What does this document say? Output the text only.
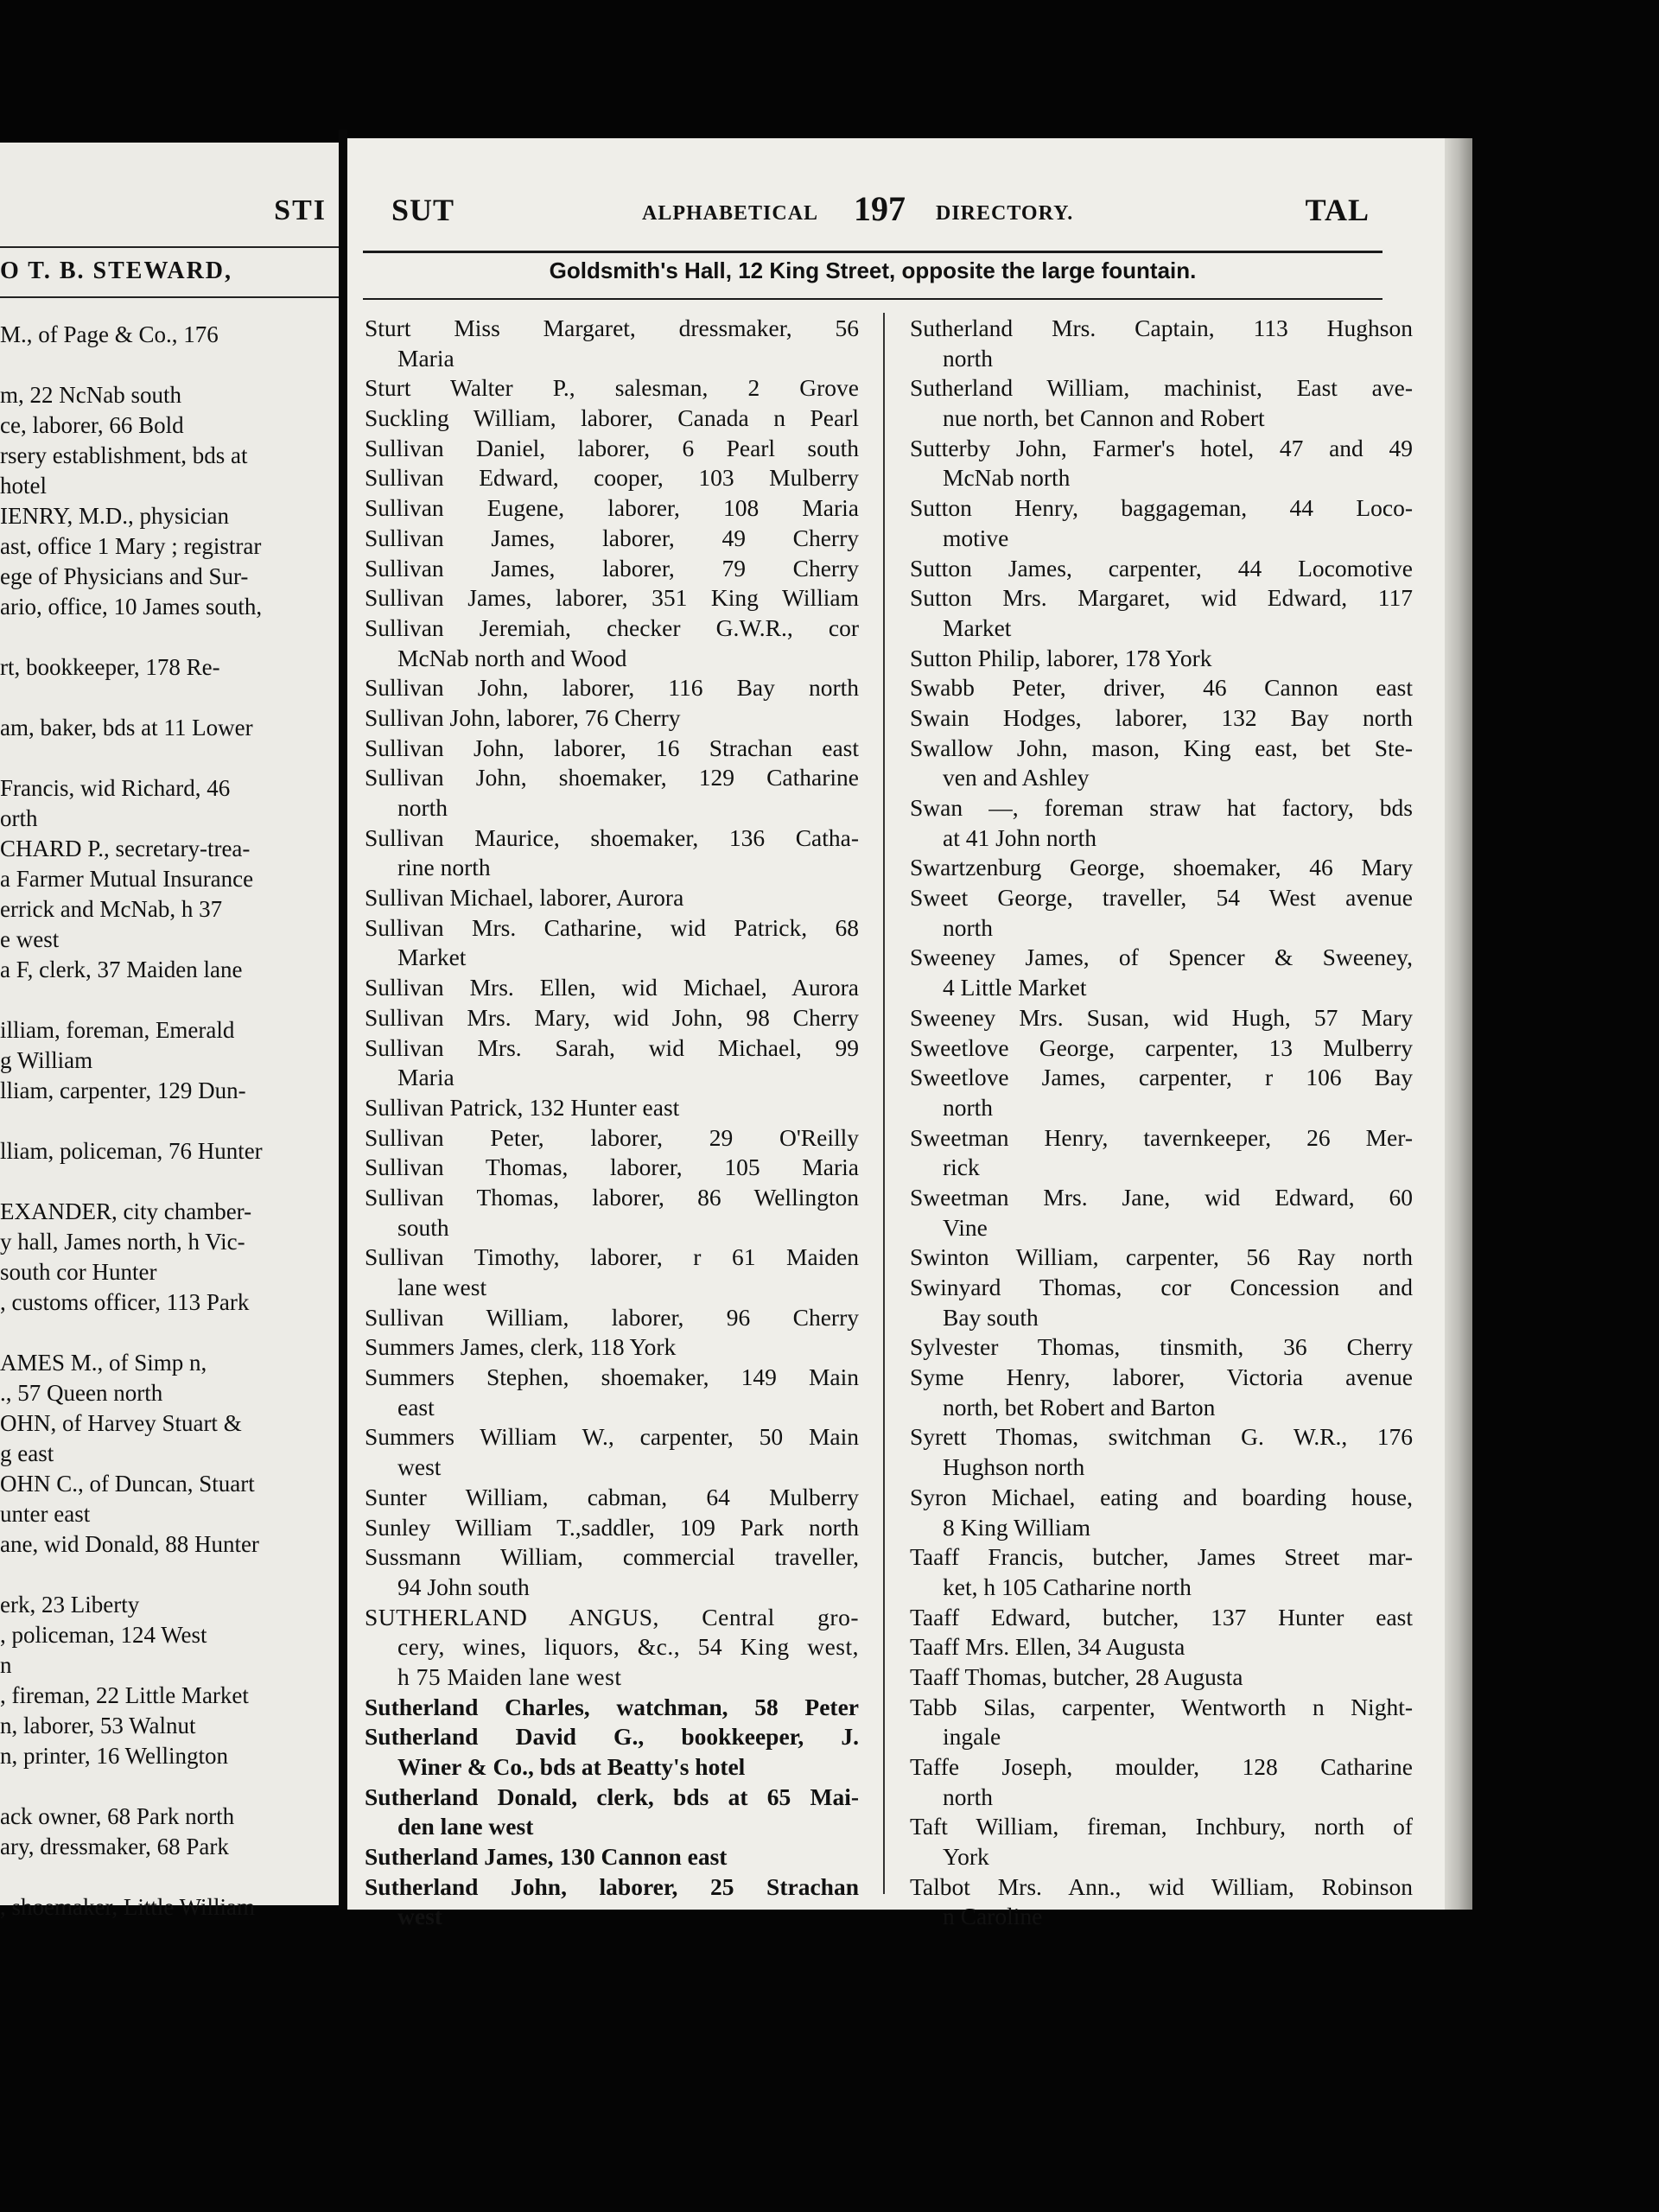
STI
O T. B. STEWARD,
M., of Page & Co., 176

m, 22 NcNab south
ce, laborer, 66 Bold
rsery establishment, bds at
hotel
IENRY, M.D., physician
ast, office 1 Mary ; registrar
ege of Physicians and Sur-
ario, office, 10 James south,

rt, bookkeeper, 178 Re-

am, baker, bds at 11 Lower

Francis, wid Richard, 46
orth
CHARD P., secretary-trea-
a Farmer Mutual Insurance
errick and McNab, h 37
e west
a F, clerk, 37 Maiden lane

illiam, foreman, Emerald
g William
lliam, carpenter, 129 Dun-

lliam, policeman, 76 Hunter

EXANDER, city chamber-
y hall, James north, h Vic-
south cor Hunter
, customs officer, 113 Park

AMES M., of Simp n,
., 57 Queen north
OHN, of Harvey Stuart &
g east
OHN C., of Duncan, Stuart
unter east
ane, wid Donald, 88 Hunter

erk, 23 Liberty
, policeman, 124 West
n
, fireman, 22 Little Market
n, laborer, 53 Walnut
n, printer, 16 Wellington

ack owner, 68 Park north
ary, dressmaker, 68 Park

, shoemaker, Little William
SUT	ALPHABETICAL 197 DIRECTORY.	TAL
Goldsmith's Hall, 12 King Street, opposite the large fountain.
Sturt Miss Margaret, dressmaker, 56
Maria
Sturt Walter P., salesman, 2 Grove
Suckling William, laborer, Canada n Pearl
Sullivan Daniel, laborer, 6 Pearl south
Sullivan Edward, cooper, 103 Mulberry
Sullivan Eugene, laborer, 108 Maria
Sullivan James, laborer, 49 Cherry
Sullivan James, laborer, 79 Cherry
Sullivan James, laborer, 351 King William
Sullivan Jeremiah, checker G.W.R., cor
McNab north and Wood
Sullivan John, laborer, 116 Bay north
Sullivan John, laborer, 76 Cherry
Sullivan John, laborer, 16 Strachan east
Sullivan John, shoemaker, 129 Catharine
north
Sullivan Maurice, shoemaker, 136 Catha-
rine north
Sullivan Michael, laborer, Aurora
Sullivan Mrs. Catharine, wid Patrick, 68
Market
Sullivan Mrs. Ellen, wid Michael, Aurora
Sullivan Mrs. Mary, wid John, 98 Cherry
Sullivan Mrs. Sarah, wid Michael, 99
Maria
Sullivan Patrick, 132 Hunter east
Sullivan Peter, laborer, 29 O'Reilly
Sullivan Thomas, laborer, 105 Maria
Sullivan Thomas, laborer, 86 Wellington
south
Sullivan Timothy, laborer, r 61 Maiden
lane west
Sullivan William, laborer, 96 Cherry
Summers James, clerk, 118 York
Summers Stephen, shoemaker, 149 Main
east
Summers William W., carpenter, 50 Main
west
Sunter William, cabman, 64 Mulberry
Sunley William T.,saddler, 109 Park north
Sussmann William, commercial traveller,
94 John south
SUTHERLAND ANGUS, Central gro-
cery, wines, liquors, &c., 54 King west,
h 75 Maiden lane west
Sutherland Charles, watchman, 58 Peter
Sutherland David G., bookkeeper, J.
Winer & Co., bds at Beatty's hotel
Sutherland Donald, clerk, bds at 65 Mai-
den lane west
Sutherland James, 130 Cannon east
Sutherland John, laborer, 25 Strachan
west
Sutherland Mrs. Captain, 113 Hughson
north
Sutherland William, machinist, East ave-
nue north, bet Cannon and Robert
Sutterby John, Farmer's hotel, 47 and 49
McNab north
Sutton Henry, baggageman, 44 Loco-
motive
Sutton James, carpenter, 44 Locomotive
Sutton Mrs. Margaret, wid Edward, 117
Market
Sutton Philip, laborer, 178 York
Swabb Peter, driver, 46 Cannon east
Swain Hodges, laborer, 132 Bay north
Swallow John, mason, King east, bet Ste-
ven and Ashley
Swan —, foreman straw hat factory, bds
at 41 John north
Swartzenburg George, shoemaker, 46 Mary
Sweet George, traveller, 54 West avenue
north
Sweeney James, of Spencer & Sweeney,
4 Little Market
Sweeney Mrs. Susan, wid Hugh, 57 Mary
Sweetlove George, carpenter, 13 Mulberry
Sweetlove James, carpenter, r 106 Bay
north
Sweetman Henry, tavernkeeper, 26 Mer-
rick
Sweetman Mrs. Jane, wid Edward, 60
Vine
Swinton William, carpenter, 56 Ray north
Swinyard Thomas, cor Concession and
Bay south
Sylvester Thomas, tinsmith, 36 Cherry
Syme Henry, laborer, Victoria avenue
north, bet Robert and Barton
Syrett Thomas, switchman G. W.R., 176
Hughson north
Syron Michael, eating and boarding house,
8 King William
Taaff Francis, butcher, James Street mar-
ket, h 105 Catharine north
Taaff Edward, butcher, 137 Hunter east
Taaff Mrs. Ellen, 34 Augusta
Taaff Thomas, butcher, 28 Augusta
Tabb Silas, carpenter, Wentworth n Night-
ingale
Taffe Joseph, moulder, 128 Catharine
north
Taft William, fireman, Inchbury, north of
York
Talbot Mrs. Ann., wid William, Robinson
n Caroline
